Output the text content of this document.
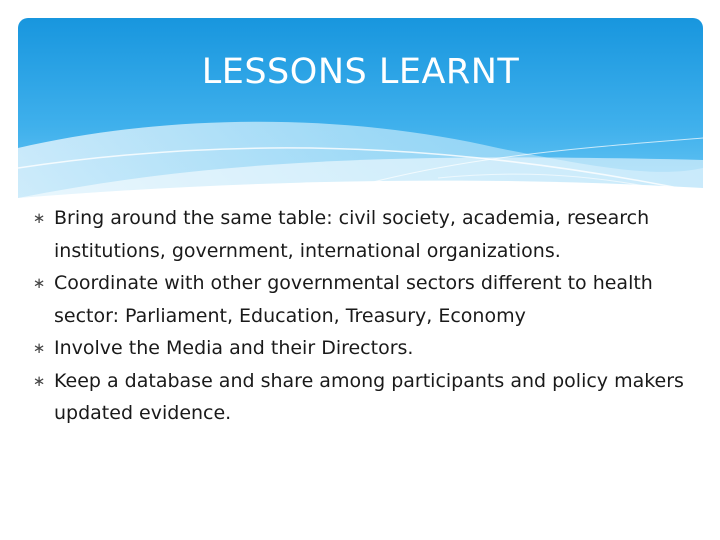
LESSONS LEARNT
∗ Bring around the same table: civil society, academia, research institutions, government, international organizations.
∗ Coordinate with other governmental sectors different to health sector: Parliament, Education, Treasury, Economy
∗ Involve the Media and their Directors.
∗ Keep a database and share among participants and policy makers updated evidence.
